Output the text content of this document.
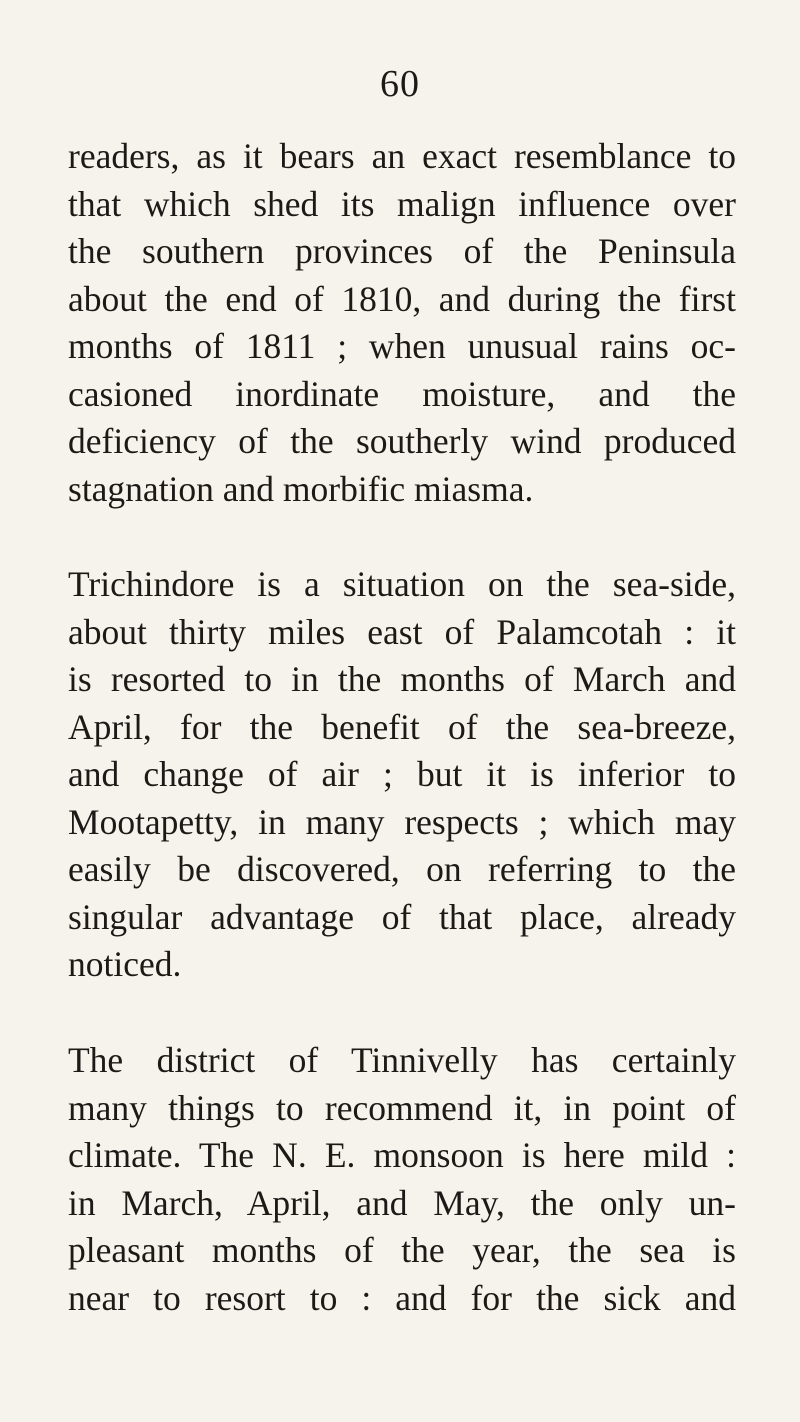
60
readers, as it bears an exact resemblance to
that which shed its malign influence over
the southern provinces of the Peninsula
about the end of 1810, and during the first
months of 1811 ; when unusual rains oc-
casioned inordinate moisture, and the
deficiency of the southerly wind produced
stagnation and morbific miasma.
Trichindore is a situation on the sea-side,
about thirty miles east of Palamcotah : it
is resorted to in the months of March and
April, for the benefit of the sea-breeze,
and change of air ; but it is inferior to
Mootapetty, in many respects ; which may
easily be discovered, on referring to the
singular advantage of that place, already
noticed.
The district of Tinnivelly has certainly
many things to recommend it, in point of
climate. The N. E. monsoon is here mild :
in March, April, and May, the only un-
pleasant months of the year, the sea is
near to resort to : and for the sick and
